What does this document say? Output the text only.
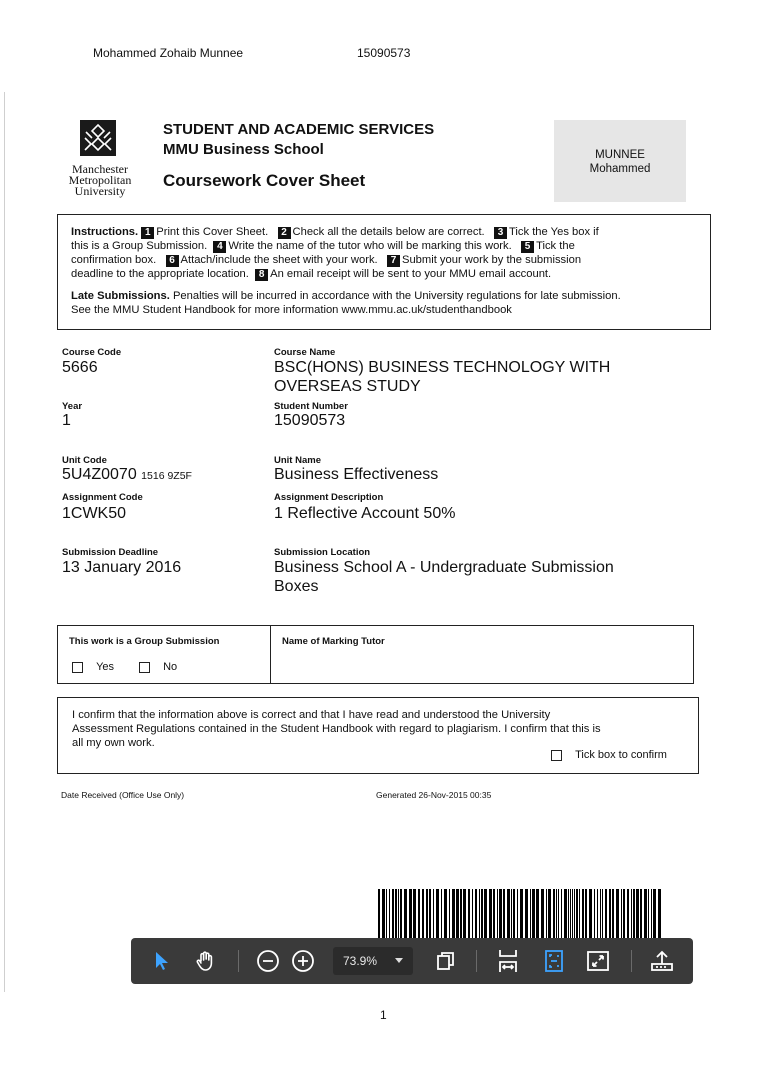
Mohammed Zohaib Munnee	15090573
Manchester
Metropolitan
University
STUDENT AND ACADEMIC SERVICES
MMU Business School
Coursework Cover Sheet
MUNNEE
Mohammed
Instructions. 1 Print this Cover Sheet. 2 Check all the details below are correct. 3 Tick the Yes box if
this is a Group Submission. 4 Write the name of the tutor who will be marking this work. 5 Tick the
confirmation box. 6 Attach/include the sheet with your work. 7 Submit your work by the submission
deadline to the appropriate location. 8 An email receipt will be sent to your MMU email account.
Late Submissions. Penalties will be incurred in accordance with the University regulations for late submission.
See the MMU Student Handbook for more information www.mmu.ac.uk/studenthandbook
Course Code
5666
Course Name
BSC(HONS) BUSINESS TECHNOLOGY WITH
OVERSEAS STUDY
Year
1
Student Number
15090573
Unit Code
5U4Z0070 1516 9Z5F
Unit Name
Business Effectiveness
Assignment Code
1CWK50
Assignment Description
1 Reflective Account 50%
Submission Deadline
13 January 2016
Submission Location
Business School A - Undergraduate Submission
Boxes
This work is a Group Submission
Yes	No
Name of Marking Tutor
I confirm that the information above is correct and that I have read and understood the University
Assessment Regulations contained in the Student Handbook with regard to plagiarism. I confirm that this is
all my own work.
Tick box to confirm
Date Received (Office Use Only)	Generated 26-Nov-2015 00:35
73.9%
1
